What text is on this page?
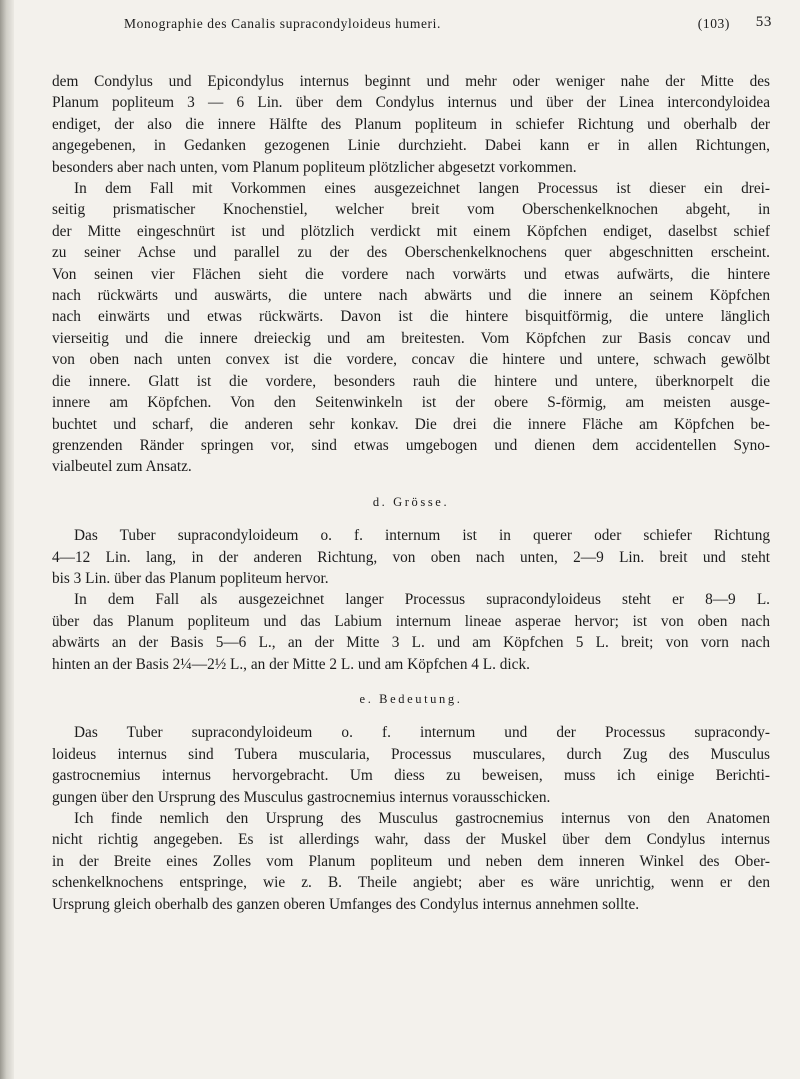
Monographie des Canalis supracondyloideus humeri.	(103) 53
dem Condylus und Epicondylus internus beginnt und mehr oder weniger nahe der Mitte des
Planum popliteum 3 — 6 Lin. über dem Condylus internus und über der Linea intercondyloidea
endiget, der also die innere Hälfte des Planum popliteum in schiefer Richtung und oberhalb der
angegebenen, in Gedanken gezogenen Linie durchzieht. Dabei kann er in allen Richtungen,
besonders aber nach unten, vom Planum popliteum plötzlicher abgesetzt vorkommen.
In dem Fall mit Vorkommen eines ausgezeichnet langen Processus ist dieser ein drei-
seitig prismatischer Knochenstiel, welcher breit vom Oberschenkelknochen abgeht, in
der Mitte eingeschnürt ist und plötzlich verdickt mit einem Köpfchen endiget, daselbst schief
zu seiner Achse und parallel zu der des Oberschenkelknochens quer abgeschnitten erscheint.
Von seinen vier Flächen sieht die vordere nach vorwärts und etwas aufwärts, die hintere
nach rückwärts und auswärts, die untere nach abwärts und die innere an seinem Köpfchen
nach einwärts und etwas rückwärts. Davon ist die hintere bisquitförmig, die untere länglich
vierseitig und die innere dreieckig und am breitesten. Vom Köpfchen zur Basis concav und
von oben nach unten convex ist die vordere, concav die hintere und untere, schwach gewölbt
die innere. Glatt ist die vordere, besonders rauh die hintere und untere, überknorpelt die
innere am Köpfchen. Von den Seitenwinkeln ist der obere S-förmig, am meisten ausge-
buchtet und scharf, die anderen sehr konkav. Die drei die innere Fläche am Köpfchen be-
grenzenden Ränder springen vor, sind etwas umgebogen und dienen dem accidentellen Syno-
vialbeutel zum Ansatz.
d. Grösse.
Das Tuber supracondyloideum o. f. internum ist in querer oder schiefer Richtung
4—12 Lin. lang, in der anderen Richtung, von oben nach unten, 2—9 Lin. breit und steht
bis 3 Lin. über das Planum popliteum hervor.
In dem Fall als ausgezeichnet langer Processus supracondyloideus steht er 8—9 L.
über das Planum popliteum und das Labium internum lineae asperae hervor; ist von oben nach
abwärts an der Basis 5—6 L., an der Mitte 3 L. und am Köpfchen 5 L. breit; von vorn nach
hinten an der Basis 2¼—2½ L., an der Mitte 2 L. und am Köpfchen 4 L. dick.
e. Bedeutung.
Das Tuber supracondyloideum o. f. internum und der Processus supracondy-
loideus internus sind Tubera muscularia, Processus musculares, durch Zug des Musculus
gastrocnemius internus hervorgebracht. Um diess zu beweisen, muss ich einige Berichti-
gungen über den Ursprung des Musculus gastrocnemius internus vorausschicken.
Ich finde nemlich den Ursprung des Musculus gastrocnemius internus von den Anatomen
nicht richtig angegeben. Es ist allerdings wahr, dass der Muskel über dem Condylus internus
in der Breite eines Zolles vom Planum popliteum und neben dem inneren Winkel des Ober-
schenkelknochens entspringe, wie z. B. Theile angiebt; aber es wäre unrichtig, wenn er den
Ursprung gleich oberhalb des ganzen oberen Umfanges des Condylus internus annehmen sollte.
